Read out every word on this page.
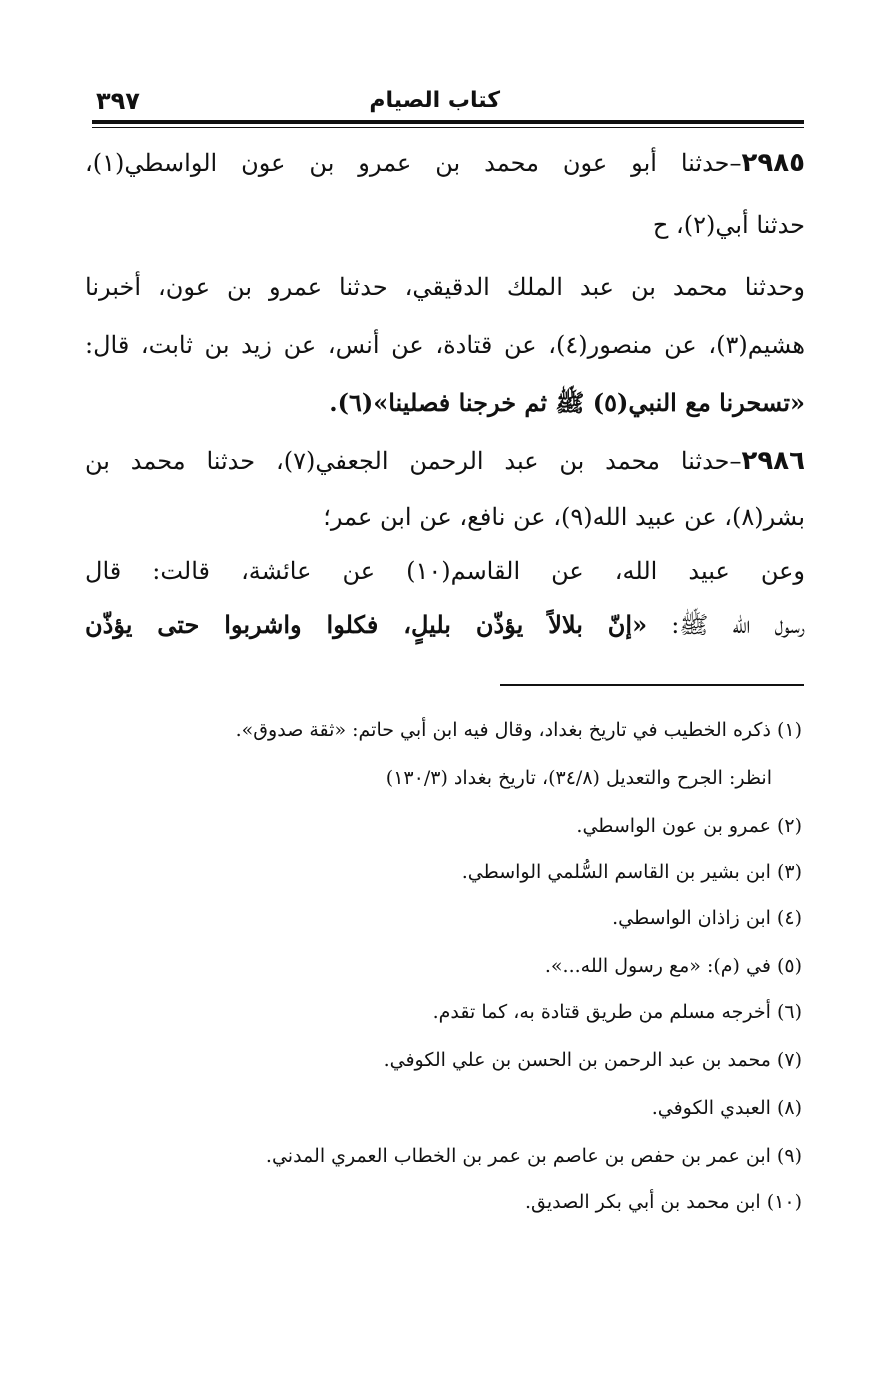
كتاب الصيام
٣٩٧
٢٩٨٥–حدثنا أبو عون محمد بن عمرو بن عون الواسطي(١)،
حدثنا أبي(٢)، ح
وحدثنا محمد بن عبد الملك الدقيقي، حدثنا عمرو بن عون، أخبرنا
هشيم(٣)، عن منصور(٤)، عن قتادة، عن أنس، عن زيد بن ثابت، قال:
«تسحرنا مع النبي(٥) ﷺ ثم خرجنا فصلينا»(٦).
٢٩٨٦–حدثنا محمد بن عبد الرحمن الجعفي(٧)، حدثنا محمد بن
بشر(٨)، عن عبيد الله(٩)، عن نافع، عن ابن عمر؛
وعن عبيد الله، عن القاسم(١٠) عن عائشة، قالت: قال
رسول الله ﷺ: «إنّ بلالاً يؤذّن بليلٍ، فكلوا واشربوا حتى يؤذّن
(١) ذكره الخطيب في تاريخ بغداد، وقال فيه ابن أبي حاتم: «ثقة صدوق».
انظر: الجرح والتعديل (٣٤/٨)، تاريخ بغداد (١٣٠/٣)
(٢) عمرو بن عون الواسطي.
(٣) ابن بشير بن القاسم السُّلمي الواسطي.
(٤) ابن زاذان الواسطي.
(٥) في (م): «مع رسول الله...».
(٦) أخرجه مسلم من طريق قتادة به، كما تقدم.
(٧) محمد بن عبد الرحمن بن الحسن بن علي الكوفي.
(٨) العبدي الكوفي.
(٩) ابن عمر بن حفص بن عاصم بن عمر بن الخطاب العمري المدني.
(١٠) ابن محمد بن أبي بكر الصديق.
